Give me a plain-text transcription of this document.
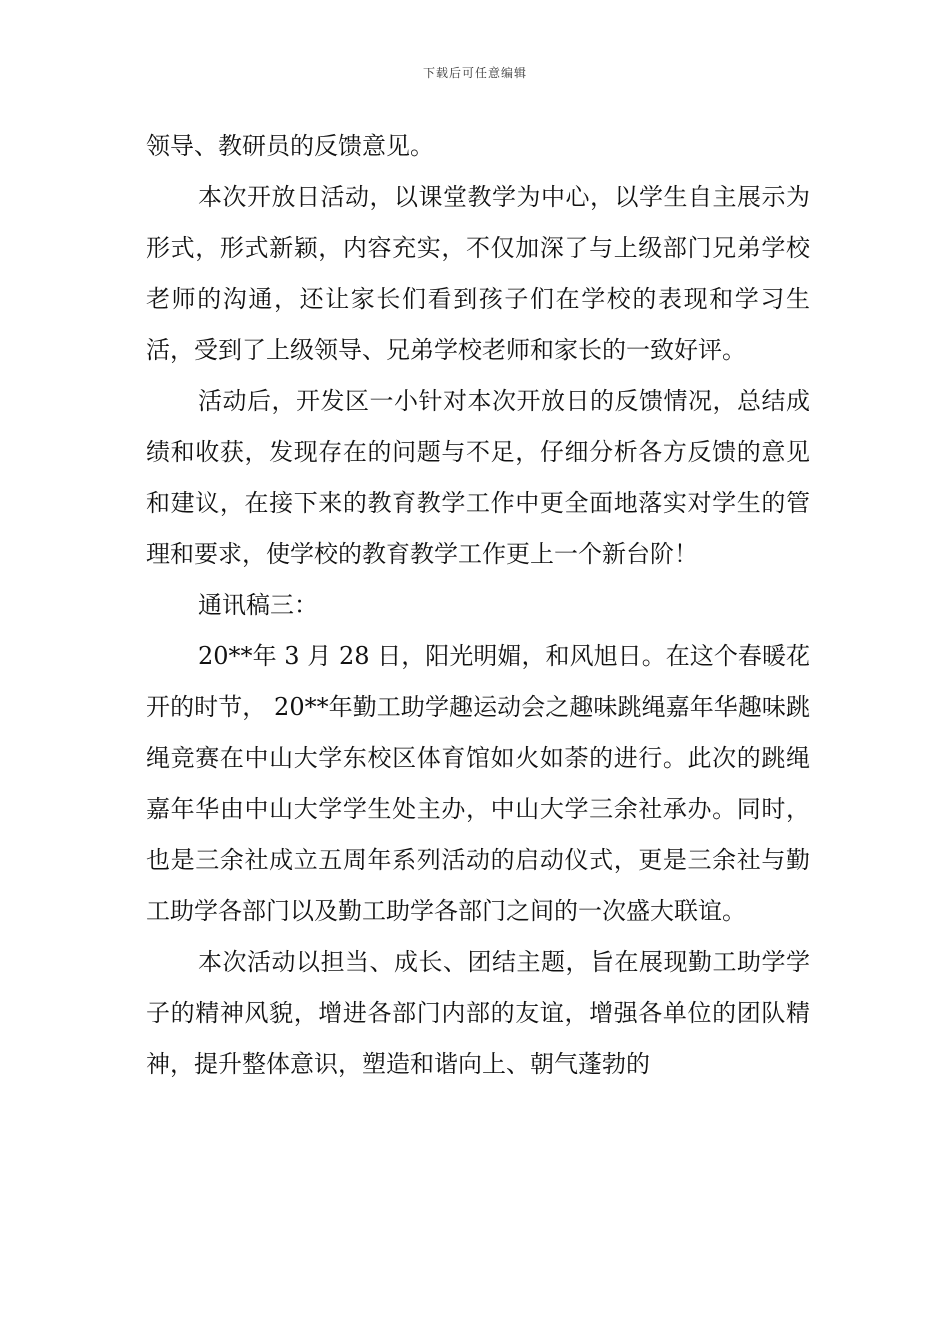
下载后可任意编辑

领导、教研员的反馈意见。

本次开放日活动，以课堂教学为中心，以学生自主展示为形式，形式新颖，内容充实，不仅加深了与上级部门兄弟学校老师的沟通，还让家长们看到孩子们在学校的表现和学习生活，受到了上级领导、兄弟学校老师和家长的一致好评。

活动后，开发区一小针对本次开放日的反馈情况，总结成绩和收获，发现存在的问题与不足，仔细分析各方反馈的意见和建议，在接下来的教育教学工作中更全面地落实对学生的管理和要求，使学校的教育教学工作更上一个新台阶！

通讯稿三：

20**年 3 月 28 日，阳光明媚，和风旭日。在这个春暖花开的时节， 20**年勤工助学趣运动会之趣味跳绳嘉年华趣味跳绳竞赛在中山大学东校区体育馆如火如荼的进行。此次的跳绳嘉年华由中山大学学生处主办，中山大学三余社承办。同时，也是三余社成立五周年系列活动的启动仪式，更是三余社与勤工助学各部门以及勤工助学各部门之间的一次盛大联谊。

本次活动以担当、成长、团结主题，旨在展现勤工助学学子的精神风貌，增进各部门内部的友谊，增强各单位的团队精神，提升整体意识，塑造和谐向上、朝气蓬勃的
